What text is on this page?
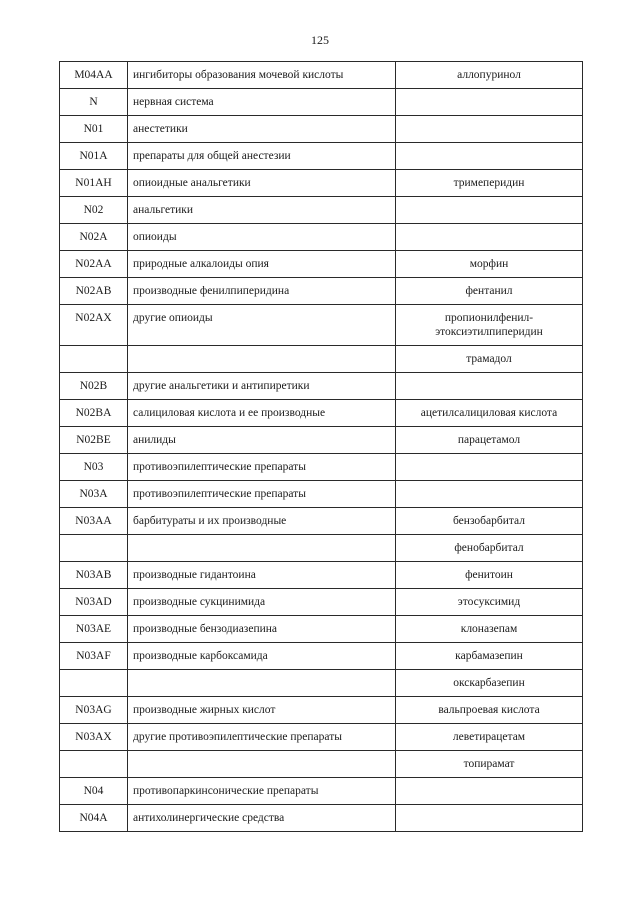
125
M04AA	ингибиторы образования мочевой кислоты	аллопуринол
N	нервная система	
N01	анестетики	
N01A	препараты для общей анестезии	
N01AH	опиоидные анальгетики	тримеперидин
N02	анальгетики	
N02A	опиоиды	
N02AA	природные алкалоиды опия	морфин
N02AB	производные фенилпиперидина	фентанил
N02AX	другие опиоиды	пропионилфенил-этоксиэтилпиперидин
		трамадол
N02B	другие анальгетики и антипиретики	
N02BA	салициловая кислота и ее производные	ацетилсалициловая кислота
N02BE	анилиды	парацетамол
N03	противоэпилептические препараты	
N03A	противоэпилептические препараты	
N03AA	барбитураты и их производные	бензобарбитал
		фенобарбитал
N03AB	производные гидантоина	фенитоин
N03AD	производные сукцинимида	этосуксимид
N03AE	производные бензодиазепина	клоназепам
N03AF	производные карбоксамида	карбамазепин
		окскарбазепин
N03AG	производные жирных кислот	вальпроевая кислота
N03AX	другие противоэпилептические препараты	леветирацетам
		топирамат
N04	противопаркинсонические препараты	
N04A	антихолинергические средства	
